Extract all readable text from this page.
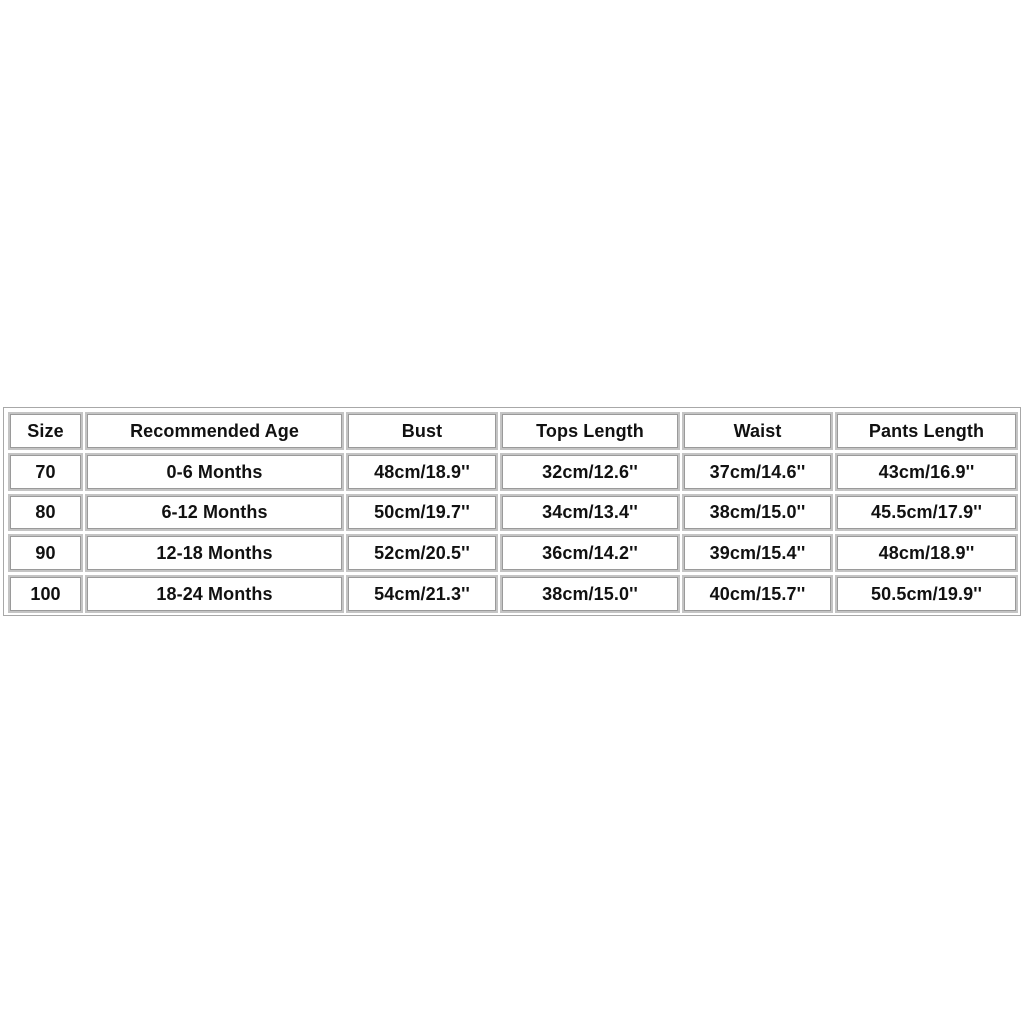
Size	Recommended Age	Bust	Tops Length	Waist	Pants Length
70	0-6 Months	48cm/18.9''	32cm/12.6''	37cm/14.6''	43cm/16.9''
80	6-12 Months	50cm/19.7''	34cm/13.4''	38cm/15.0''	45.5cm/17.9''
90	12-18 Months	52cm/20.5''	36cm/14.2''	39cm/15.4''	48cm/18.9''
100	18-24 Months	54cm/21.3''	38cm/15.0''	40cm/15.7''	50.5cm/19.9''
